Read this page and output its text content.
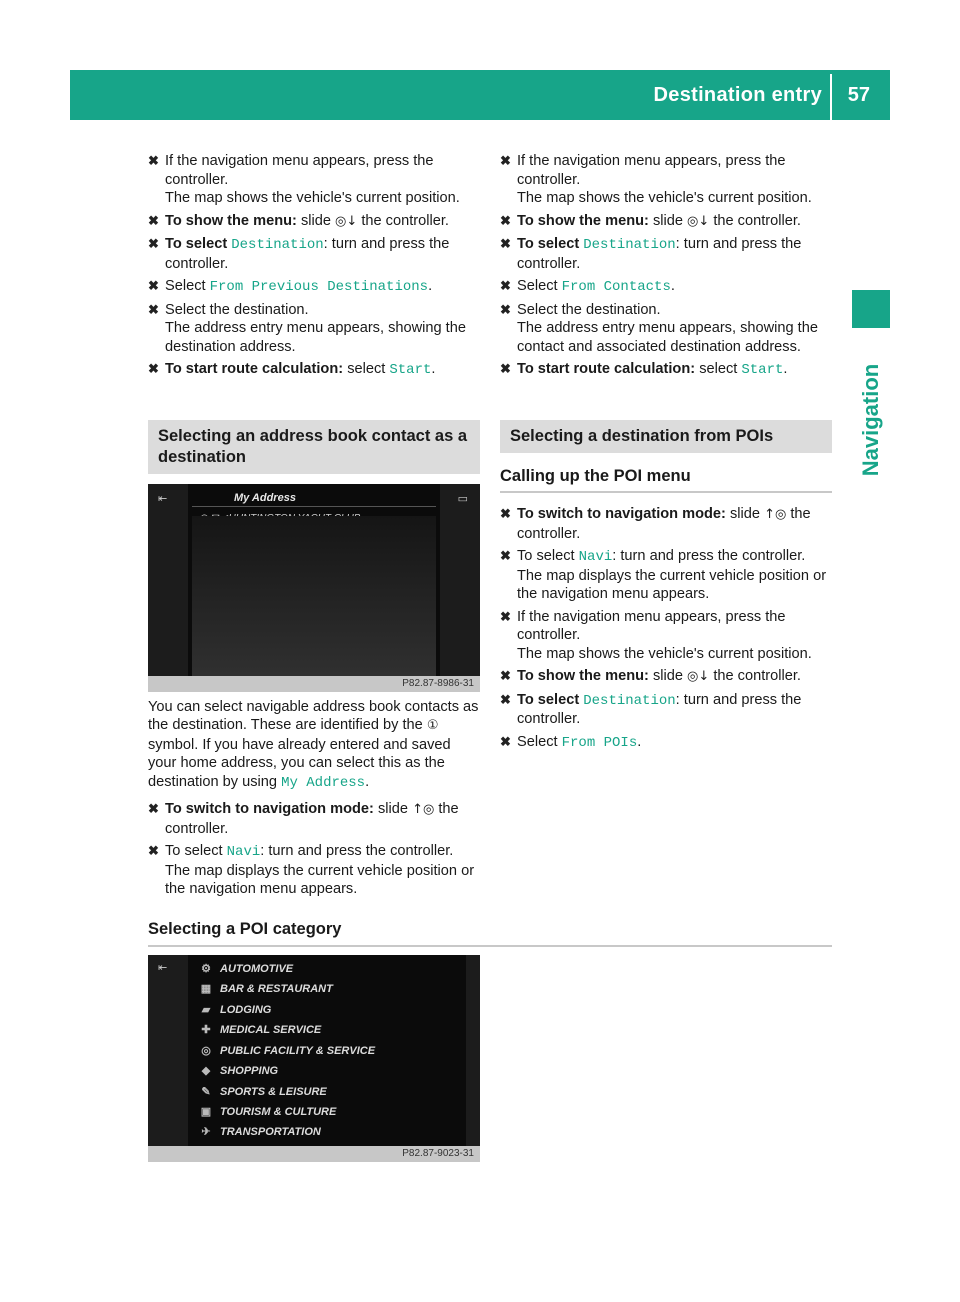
Destination entry 57
Navigation
✖ If the navigation menu appears, press the controller.
The map shows the vehicle's current position.
✖ To show the menu: slide ◎↓ the controller.
✖ To select Destination: turn and press the controller.
✖ Select From Previous Destinations.
✖ Select the destination.
The address entry menu appears, showing the destination address.
✖ To start route calculation: select Start.
Selecting an address book contact as a destination
⇤	▭
My Address
P82.87-8986-31
You can select navigable address book contacts as the destination. These are identified by the ① symbol. If you have already entered and saved your home address, you can select this as the destination by using My Address.
✖ To switch to navigation mode: slide ↑◎ the controller.
✖ To select Navi: turn and press the controller.
The map displays the current vehicle position or the navigation menu appears.
✖ If the navigation menu appears, press the controller.
The map shows the vehicle's current position.
✖ To show the menu: slide ◎↓ the controller.
✖ To select Destination: turn and press the controller.
✖ Select From Contacts.
✖ Select the destination.
The address entry menu appears, showing the contact and associated destination address.
✖ To start route calculation: select Start.
Selecting a destination from POIs
Calling up the POI menu
✖ To switch to navigation mode: slide ↑◎ the controller.
✖ To select Navi: turn and press the controller.
The map displays the current vehicle position or the navigation menu appears.
✖ If the navigation menu appears, press the controller.
The map shows the vehicle's current position.
✖ To show the menu: slide ◎↓ the controller.
✖ To select Destination: turn and press the controller.
✖ Select From POIs.
Selecting a POI category
⇤	⚙ AUTOMOTIVE
▦ BAR & RESTAURANT
▰ LODGING
✚ MEDICAL SERVICE
◎ PUBLIC FACILITY & SERVICE
◆ SHOPPING
✎ SPORTS & LEISURE
▣ TOURISM & CULTURE
✈ TRANSPORTATION
P82.87-9023-31
